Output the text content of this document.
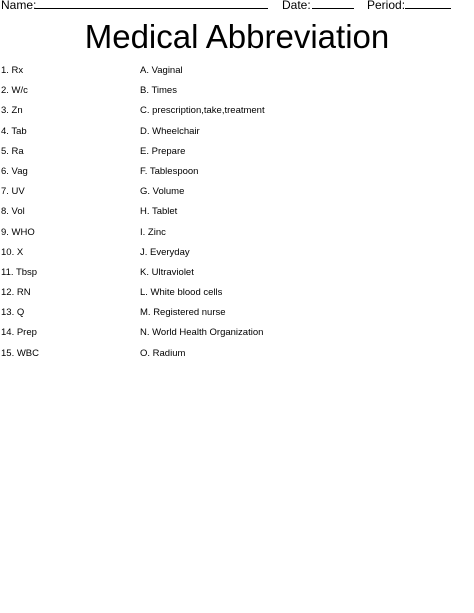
Name:	Date:	Period:
Medical Abbreviation
1. Rx
2. W/c
3. Zn
4. Tab
5. Ra
6. Vag
7. UV
8. Vol
9. WHO
10. X
11. Tbsp
12. RN
13. Q
14. Prep
15. WBC
A. Vaginal
B. Times
C. prescription,take,treatment
D. Wheelchair
E. Prepare
F. Tablespoon
G. Volume
H. Tablet
I. Zinc
J. Everyday
K. Ultraviolet
L. White blood cells
M. Registered nurse
N. World Health Organization
O. Radium
